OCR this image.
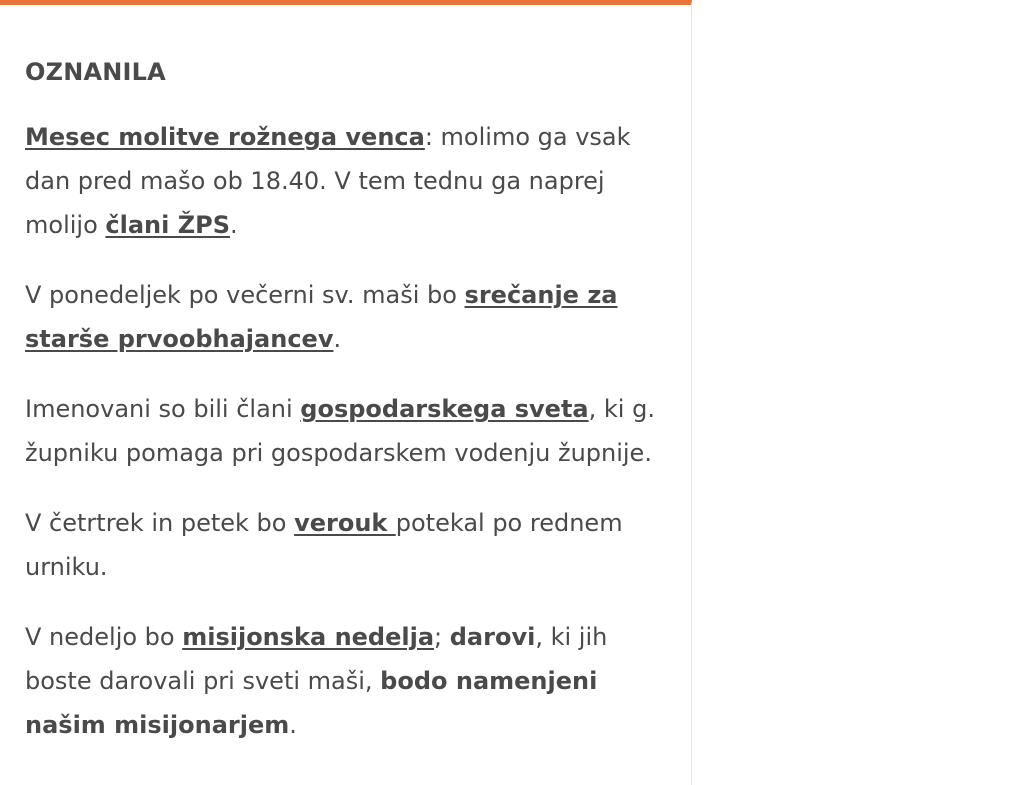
OZNANILA
Mesec molitve rožnega venca: molimo ga vsak dan pred mašo ob 18.40. V tem tednu ga naprej molijo člani ŽPS.
V ponedeljek po večerni sv. maši bo srečanje za starše prvoobhajancev.
Imenovani so bili člani gospodarskega sveta, ki g. župniku pomaga pri gospodarskem vodenju župnije.
V četrtrek in petek bo verouk potekal po rednem urniku.
V nedeljo bo misijonska nedelja; darovi, ki jih boste darovali pri sveti maši, bodo namenjeni našim misijonarjem.
